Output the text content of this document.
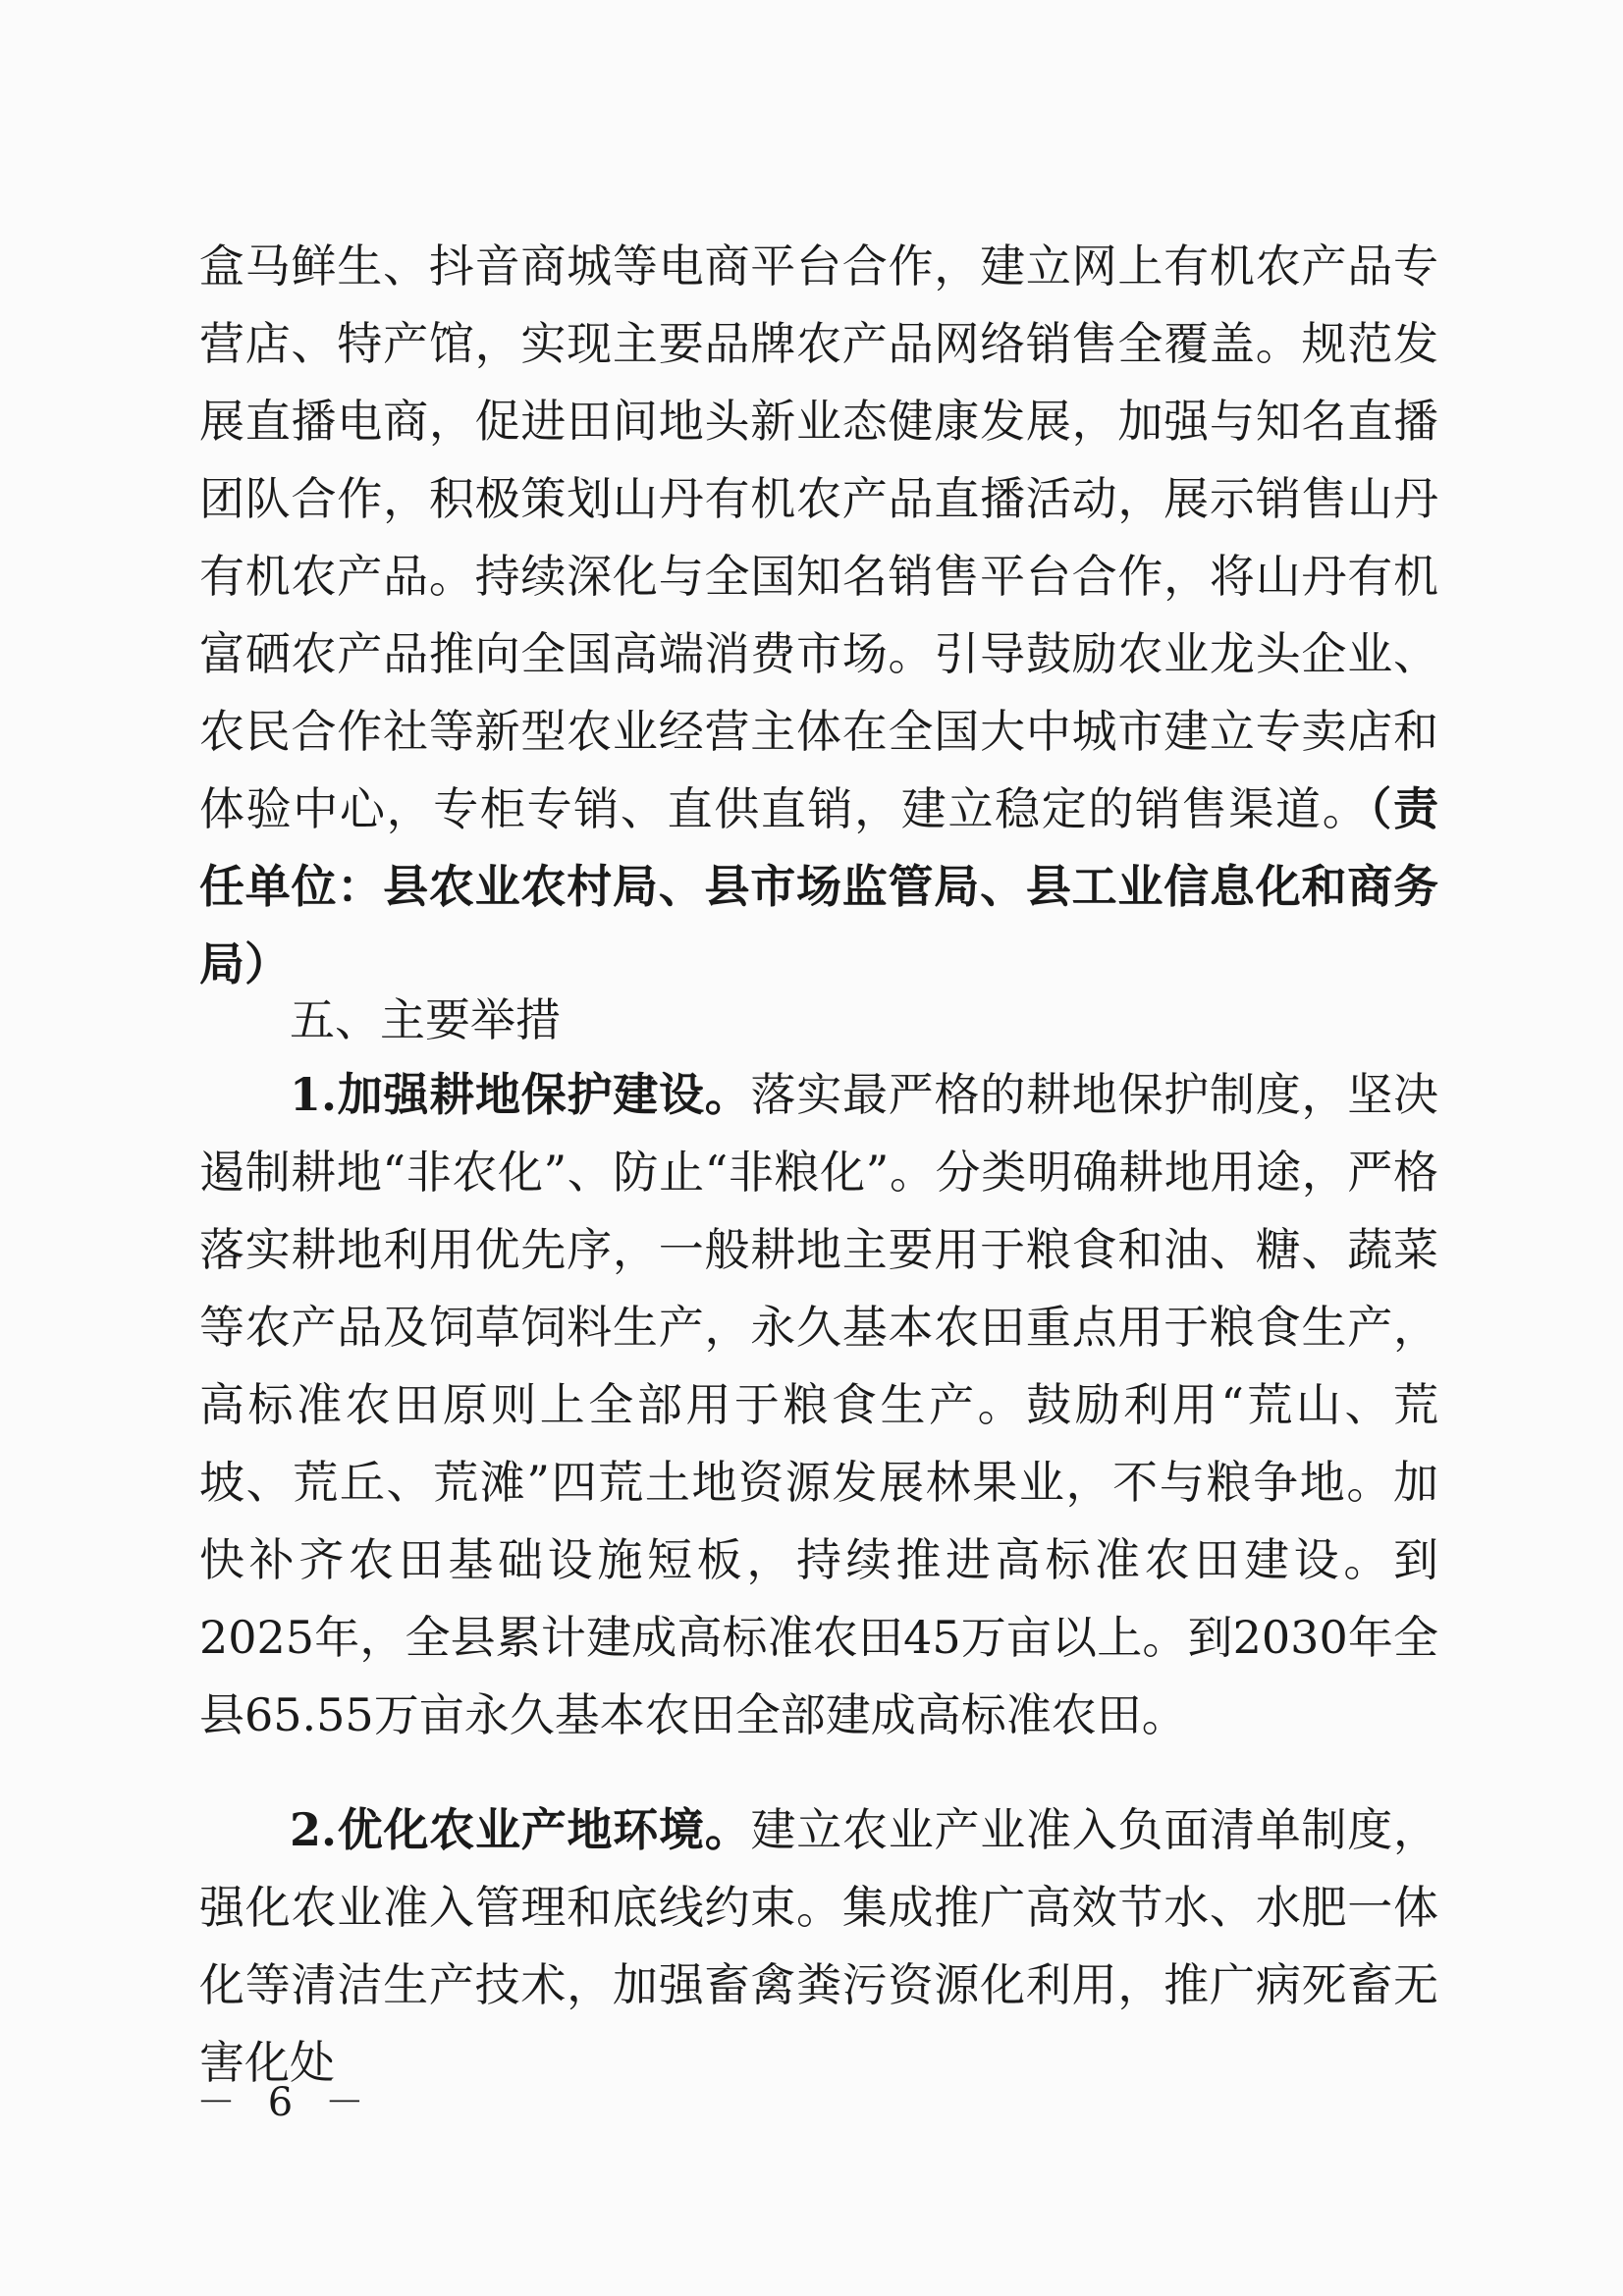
盒马鲜生、抖音商城等电商平台合作，建立网上有机农产品专营店、特产馆，实现主要品牌农产品网络销售全覆盖。规范发展直播电商，促进田间地头新业态健康发展，加强与知名直播团队合作，积极策划山丹有机农产品直播活动，展示销售山丹有机农产品。持续深化与全国知名销售平台合作，将山丹有机富硒农产品推向全国高端消费市场。引导鼓励农业龙头企业、农民合作社等新型农业经营主体在全国大中城市建立专卖店和体验中心，专柜专销、直供直销，建立稳定的销售渠道。（责任单位：县农业农村局、县市场监管局、县工业信息化和商务局）

五、主要举措

1.加强耕地保护建设。落实最严格的耕地保护制度，坚决遏制耕地“非农化”、防止“非粮化”。分类明确耕地用途，严格落实耕地利用优先序，一般耕地主要用于粮食和油、糖、蔬菜等农产品及饲草饲料生产，永久基本农田重点用于粮食生产，高标准农田原则上全部用于粮食生产。鼓励利用“荒山、荒坡、荒丘、荒滩”四荒土地资源发展林果业，不与粮争地。加快补齐农田基础设施短板，持续推进高标准农田建设。到2025年，全县累计建成高标准农田45万亩以上。到2030年全县65.55万亩永久基本农田全部建成高标准农田。

2.优化农业产地环境。建立农业产业准入负面清单制度，强化农业准入管理和底线约束。集成推广高效节水、水肥一体化等清洁生产技术，加强畜禽粪污资源化利用，推广病死畜无害化处

－ 6 －
